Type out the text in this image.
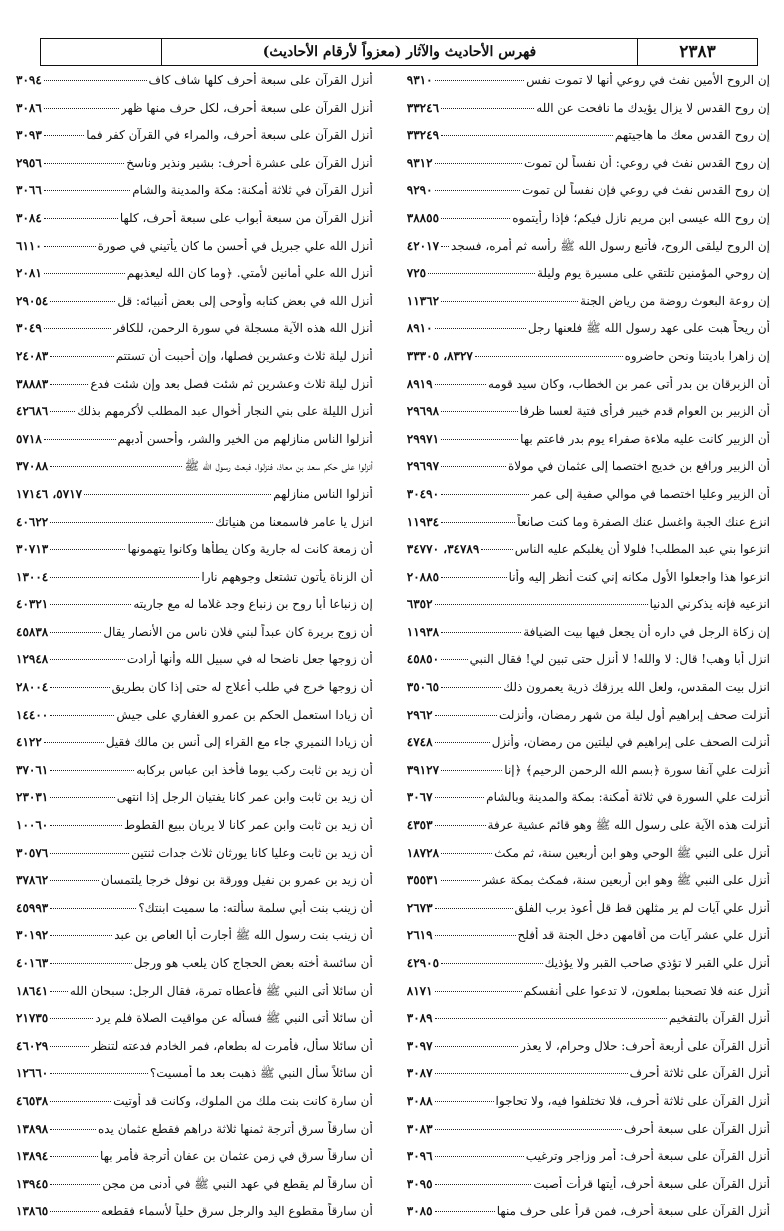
فهرس الأحاديث والآثار (معزواً لأرقام الأحاديث)	٢٣٨٣
أنزل القرآن على سبعة أحرف كلها شاف كاف
٣٠٩٤
أنزل القرآن على سبعة أحرف، لكل حرف منها ظهر
٣٠٨٦
أنزل القرآن على سبعة أحرف، والمراء في القرآن كفر فما
٣٠٩٣
أنزل القرآن على عشرة أحرف: بشير ونذير وناسخ
٢٩٥٦
أنزل القرآن في ثلاثة أمكنة: مكة والمدينة والشام
٣٠٦٦
أنزل القرآن من سبعة أبواب على سبعة أحرف، كلها
٣٠٨٤
أنزل الله علي جبريل في أحسن ما كان يأتيني في صورة
٦١١٠
أنزل الله علي أمانين لأمتي. ﴿وما كان الله ليعذبهم
٢٠٨١
أنزل الله في بعض كتابه وأوحى إلى بعض أنبيائه: قل
٢٩٠٥٤
أنزل الله هذه الآية مسجلة في سورة الرحمن، للكافر
٣٠٤٩
أنزل ليلة ثلاث وعشرين فصلها، وإن أحببت أن تستتم
٢٤٠٨٣
أنزل ليلة ثلاث وعشرين ثم شئت فصل بعد وإن شئت فدع
٣٨٨٨٣
أنزل الليلة على بني النجار أخوال عبد المطلب لأكرمهم بذلك
٤٢٦٨٦
أنزلوا الناس منازلهم من الخير والشر، وأحسن أدبهم
٥٧١٨
أنزلوا على حكم سعد بن معاذ، فنزلوا، فبعث رسول الله ﷺ
٣٧٠٨٨
أنزلوا الناس منازلهم
٥٧١٧، ١٧١٤٦
انزل يا عامر فاسمعنا من هنياتك
٤٠٦٢٢
أن زمعة كانت له جارية وكان يطأها وكانوا يتهمونها
٣٠٧١٣
أن الزناة يأتون تشتعل وجوههم نارا
١٣٠٠٤
إن زنباعا أبا روح بن زنباع وجد غلاما له مع جاريته
٤٠٣٢١
أن زوج بريرة كان عبداً لبني فلان ناس من الأنصار يقال
٤٥٨٣٨
أن زوجها جعل ناضحا له في سبيل الله وأنها أرادت
١٢٩٤٨
أن زوجها خرج في طلب أعلاج له حتى إذا كان بطريق
٢٨٠٠٤
أن زيادا استعمل الحكم بن عمرو الغفاري على جيش
١٤٤٠٠
أن زيادا النميري جاء مع القراء إلى أنس بن مالك فقيل
٤١٢٢
أن زيد بن ثابت ركب يوما فأخذ ابن عباس بركابه
٣٧٠٦١
أن زيد بن ثابت وابن عمر كانا يفتيان الرجل إذا انتهى
٢٣٠٣١
أن زيد بن ثابت وابن عمر كانا لا يريان ببيع القطوط
١٠٠٦٠
أن زيد بن ثابت وعليا كانا يورثان ثلاث جدات ثنتين
٣٠٥٧٦
أن زيد بن عمرو بن نفيل وورقة بن نوفل خرجا يلتمسان
٣٧٨٦٢
أن زينب بنت أبي سلمة سألته: ما سميت ابنتك؟
٤٥٩٩٣
أن زينب بنت رسول الله ﷺ أجارت أبا العاص بن عبد
٣٠١٩٢
أن سائسة أخته بعض الحجاج كان يلعب هو ورجل
٤٠١٦٣
أن سائلا أتى النبي ﷺ فأعطاه تمرة، فقال الرجل: سبحان الله
١٨٦٤١
أن سائلا أتى النبي ﷺ فسأله عن مواقيت الصلاة فلم يرد
٢١٧٣٥
أن سائلا سأل، فأمرت له بطعام، فمر الخادم فدعته لتنظر
٤٦٠٢٩
أن سائلاً سأل النبي ﷺ ذهبت بعد ما أمسيت؟
١٢٦٦٠
أن سارة كانت بنت ملك من الملوك، وكانت قد أوتيت
٤٦٥٣٨
أن سارقاً سرق أترجة ثمنها ثلاثة دراهم فقطع عثمان يده
١٣٨٩٨
أن سارقاً سرق في زمن عثمان بن عفان أترجة فأمر بها
١٣٨٩٤
أن سارقاً لم يقطع في عهد النبي ﷺ في أدنى من مجن
١٣٩٤٥
أن سارقاً مقطوع اليد والرجل سرق حلياً لأسماء فقطعه
١٣٨٦٥
إن الروح الأمين نفث في روعي أنها لا تموت نفس
٩٣١٠
إن روح القدس لا يزال يؤيدك ما نافحت عن الله
٣٣٢٤٦
إن روح القدس معك ما هاجيتهم
٣٣٢٤٩
إن روح القدس نفث في روعي: أن نفساً لن تموت
٩٣١٢
إن روح القدس نفث في روعي فإن نفساً لن تموت
٩٢٩٠
إن روح الله عيسى ابن مريم نازل فيكم؛ فإذا رأيتموه
٣٨٨٥٥
إن الروح ليلقى الروح، فأتبع رسول الله ﷺ رأسه ثم أمره، فسجد
٤٢٠١٧
إن روحي المؤمنين تلتقي على مسيرة يوم وليلة
٧٢٥
إن روعة البعوث روضة من رياض الجنة
١١٣٦٢
أن ريحاً هبت على عهد رسول الله ﷺ فلعنها رجل
٨٩١٠
إن زاهرا باديتنا ونحن حاضروه
٨٣٢٧، ٣٣٣٠٥
أن الزبرقان بن بدر أتى عمر بن الخطاب، وكان سيد قومه
٨٩١٩
أن الزبير بن العوام قدم خيبر فرأى فتية لعسا ظرفا
٢٩٦٩٨
أن الزبير كانت عليه ملاءة صفراء يوم بدر فاعتم بها
٢٩٩٧١
أن الزبير ورافع بن خديج اختصما إلى عثمان في مولاة
٢٩٦٩٧
أن الزبير وعليا اختصما في موالي صفية إلى عمر
٣٠٤٩٠
انزع عنك الجبة واغسل عنك الصفرة وما كنت صانعاً
١١٩٣٤
انزعوا بني عبد المطلب! فلولا أن يغلبكم عليه الناس
٣٤٧٨٩، ٣٤٧٧٠
انزعوا هذا واجعلوا الأول مكانه إني كنت أنظر إليه وأنا
٢٠٨٨٥
انزعيه فإنه يذكرني الدنيا
٦٣٥٢
إن زكاة الرجل في داره أن يجعل فيها بيت الضيافة
١١٩٣٨
انزل أبا وهب! قال: لا والله! لا أنزل حتى تبين لي! فقال النبي
٤٥٨٥٠
انزل بيت المقدس، ولعل الله يرزقك ذرية يعمرون ذلك
٣٥٠٦٥
أنزلت صحف إبراهيم أول ليلة من شهر رمضان، وأنزلت
٢٩٦٢
أنزلت الصحف على إبراهيم في ليلتين من رمضان، وأنزل
٤٧٤٨
أنزلت علي آنفا سورة ﴿بسم الله الرحمن الرحيم﴾ ﴿إنا
٣٩١٢٧
أنزلت علي السورة في ثلاثة أمكنة: بمكة والمدينة وبالشام
٣٠٦٧
أنزلت هذه الآية على رسول الله ﷺ وهو قائم عشية عرفة
٤٣٥٣
أنزل على النبي ﷺ الوحي وهو ابن أربعين سنة، ثم مكث
١٨٧٢٨
أنزل على النبي ﷺ وهو ابن أربعين سنة، فمكث بمكة عشر
٣٥٥٣١
أنزل علي آيات لم ير مثلهن قط قل أعوذ برب الفلق
٢٦٧٣
أنزل علي عشر آيات من أقامهن دخل الجنة قد أفلح
٢٦١٩
أنزل علي القبر لا تؤذي صاحب القبر ولا يؤذيك
٤٢٩٠٥
أنزل عنه فلا تصحبنا بملعون، لا تدعوا على أنفسكم
٨١٧١
أنزل القرآن بالتفخيم
٣٠٨٩
أنزل القرآن على أربعة أحرف: حلال وحرام، لا يعذر
٣٠٩٧
أنزل القرآن على ثلاثة أحرف
٣٠٨٧
أنزل القرآن على ثلاثة أحرف، فلا تختلفوا فيه، ولا تحاجوا
٣٠٨٨
أنزل القرآن على سبعة أحرف
٣٠٨٣
أنزل القرآن على سبعة أحرف: أمر وزاجر وترغيب
٣٠٩٦
أنزل القرآن على سبعة أحرف، أيتها قرأت أصبت
٣٠٩٥
أنزل القرآن على سبعة أحرف، فمن قرأ على حرف منها
٣٠٨٥
